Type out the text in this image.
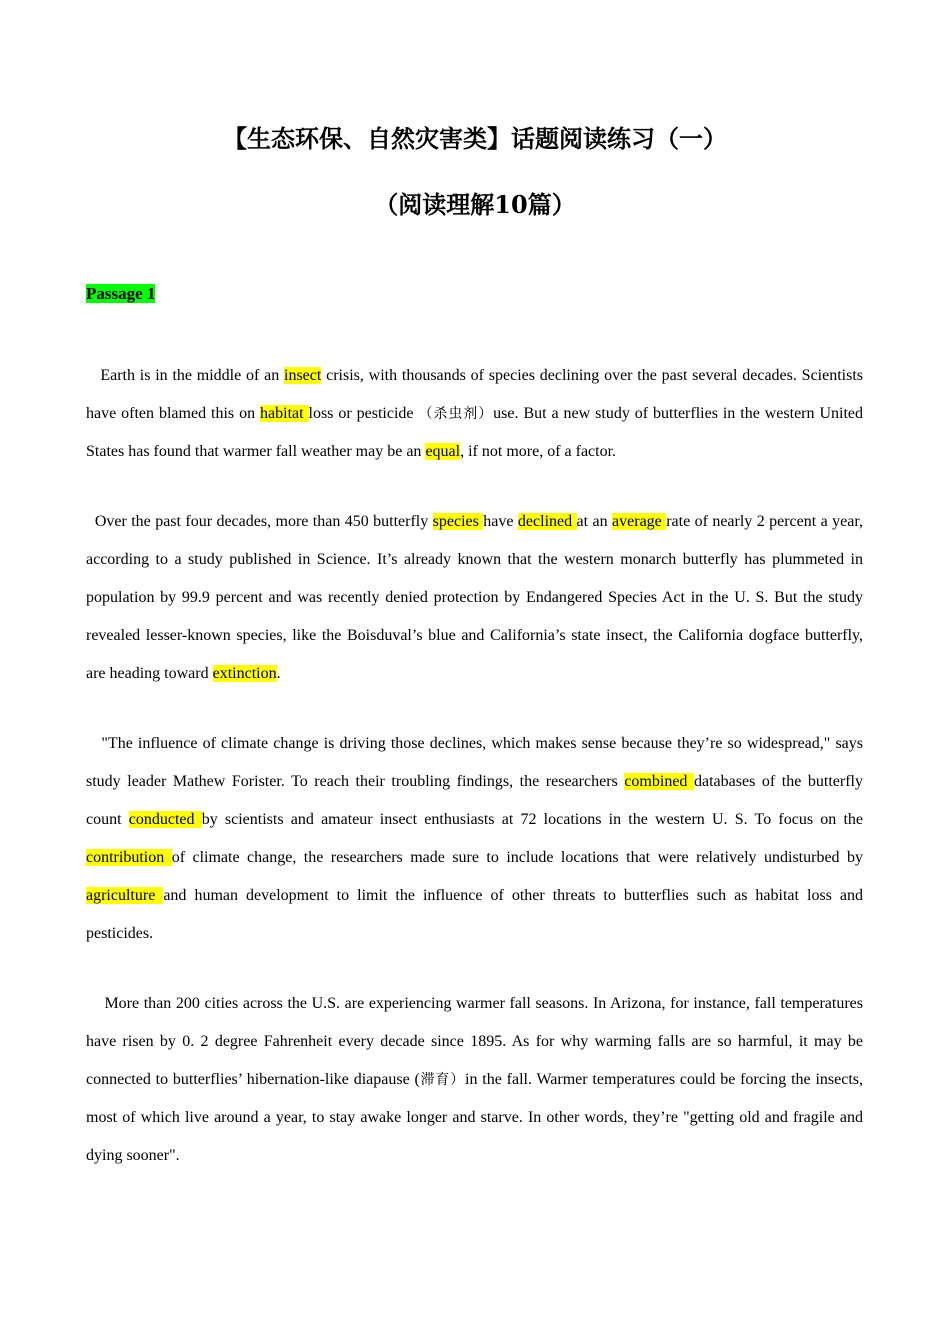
【生态环保、自然灾害类】话题阅读练习（一）
（阅读理解10篇）
Passage 1

Earth is in the middle of an insect crisis, with thousands of species declining over the past several decades. Scientists have often blamed this on habitat loss or pesticide （杀虫剂）use. But a new study of butterflies in the western United States has found that warmer fall weather may be an equal, if not more, of a factor.

Over the past four decades, more than 450 butterfly species have declined at an average rate of nearly 2 percent a year, according to a study published in Science. It’s already known that the western monarch butterfly has plummeted in population by 99.9 percent and was recently denied protection by Endangered Species Act in the U. S. But the study revealed lesser-known species, like the Boisduval’s blue and California’s state insect, the California dogface butterfly, are heading toward extinction.

"The influence of climate change is driving those declines, which makes sense because they’re so widespread," says study leader Mathew Forister. To reach their troubling findings, the researchers combined databases of the butterfly count conducted by scientists and amateur insect enthusiasts at 72 locations in the western U. S. To focus on the contribution of climate change, the researchers made sure to include locations that were relatively undisturbed by agriculture and human development to limit the influence of other threats to butterflies such as habitat loss and pesticides.

More than 200 cities across the U.S. are experiencing warmer fall seasons. In Arizona, for instance, fall temperatures have risen by 0. 2 degree Fahrenheit every decade since 1895. As for why warming falls are so harmful, it may be connected to butterflies’ hibernation-like diapause (滞育）in the fall. Warmer temperatures could be forcing the insects, most of which live around a year, to stay awake longer and starve. In other words, they’re "getting old and fragile and dying sooner".
